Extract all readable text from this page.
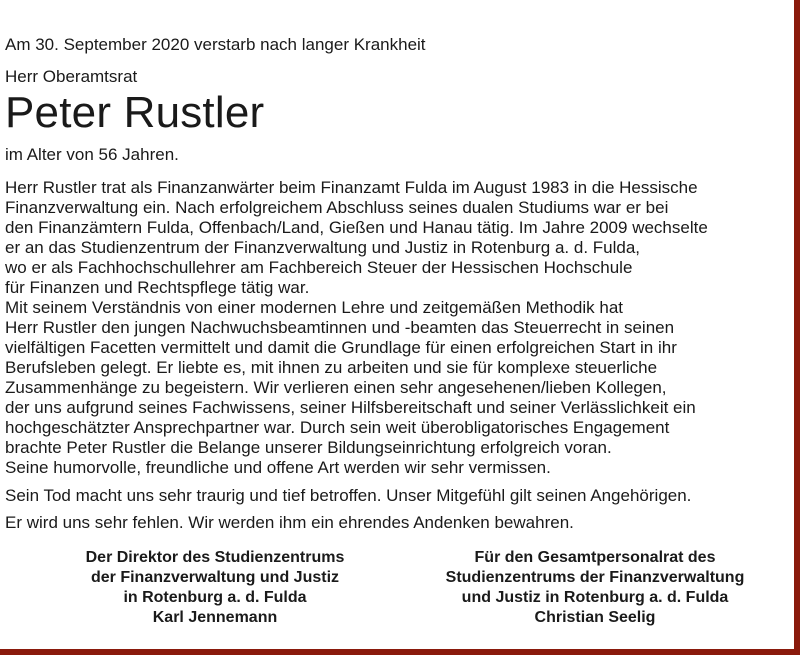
Am 30. September 2020 verstarb nach langer Krankheit
Herr Oberamtsrat
Peter Rustler
im Alter von 56 Jahren.
Herr Rustler trat als Finanzanwärter beim Finanzamt Fulda im August 1983 in die Hessische
Finanzverwaltung ein. Nach erfolgreichem Abschluss seines dualen Studiums war er bei
den Finanzämtern Fulda, Offenbach/Land, Gießen und Hanau tätig. Im Jahre 2009 wechselte
er an das Studienzentrum der Finanzverwaltung und Justiz in Rotenburg a. d. Fulda,
wo er als Fachhochschullehrer am Fachbereich Steuer der Hessischen Hochschule
für Finanzen und Rechtspflege tätig war.
Mit seinem Verständnis von einer modernen Lehre und zeitgemäßen Methodik hat
Herr Rustler den jungen Nachwuchsbeamtinnen und -beamten das Steuerrecht in seinen
vielfältigen Facetten vermittelt und damit die Grundlage für einen erfolgreichen Start in ihr
Berufsleben gelegt. Er liebte es, mit ihnen zu arbeiten und sie für komplexe steuerliche
Zusammenhänge zu begeistern. Wir verlieren einen sehr angesehenen/lieben Kollegen,
der uns aufgrund seines Fachwissens, seiner Hilfsbereitschaft und seiner Verlässlichkeit ein
hochgeschätzter Ansprechpartner war. Durch sein weit überobligatorisches Engagement
brachte Peter Rustler die Belange unserer Bildungseinrichtung erfolgreich voran.
Seine humorvolle, freundliche und offene Art werden wir sehr vermissen.
Sein Tod macht uns sehr traurig und tief betroffen. Unser Mitgefühl gilt seinen Angehörigen.
Er wird uns sehr fehlen. Wir werden ihm ein ehrendes Andenken bewahren.
Der Direktor des Studienzentrums
der Finanzverwaltung und Justiz
in Rotenburg a. d. Fulda
Karl Jennemann
Für den Gesamtpersonalrat des
Studienzentrums der Finanzverwaltung
und Justiz in Rotenburg a. d. Fulda
Christian Seelig
